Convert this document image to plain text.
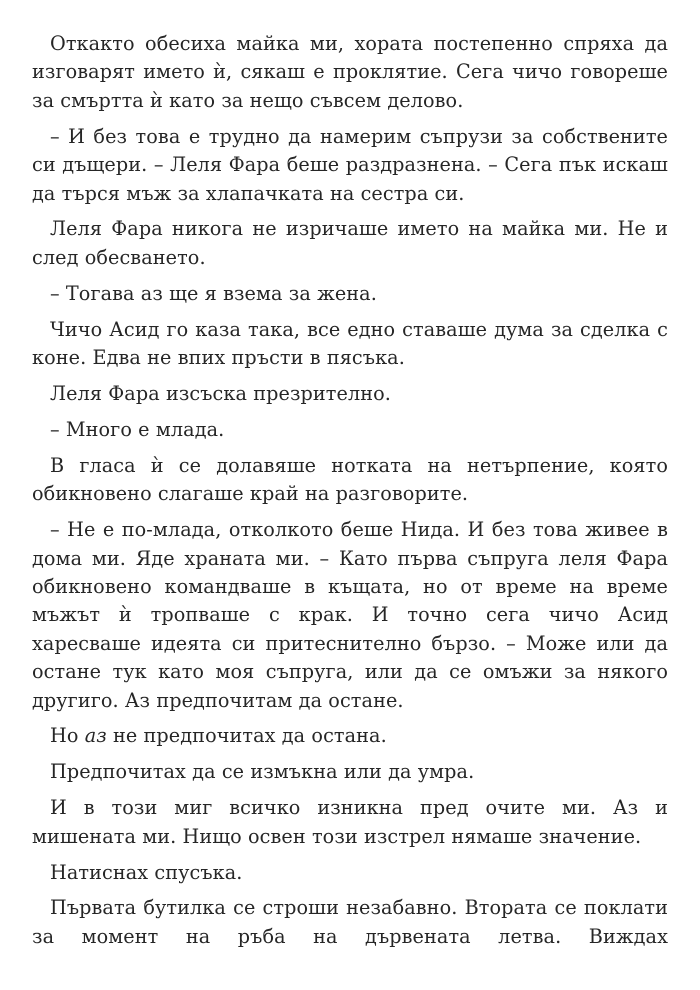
Откакто обесиха майка ми, хората постепенно спряха да изговарят името ѝ, сякаш е проклятие. Сега чичо говореше за смъртта ѝ като за нещо съвсем делово.

– И без това е трудно да намерим съпрузи за собствените си дъщери. – Леля Фара беше раздразнена. – Сега пък искаш да търся мъж за хлапачката на сестра си.

Леля Фара никога не изричаше името на майка ми. Не и след обесването.

– Тогава аз ще я взема за жена.

Чичо Асид го каза така, все едно ставаше дума за сделка с коне. Едва не впих пръсти в пясъка.

Леля Фара изсъска презрително.

– Много е млада.

В гласа ѝ се долавяше нотката на нетърпение, която обикновено слагаше край на разговорите.

– Не е по-млада, отколкото беше Нида. И без това живее в дома ми. Яде храната ми. – Като първа съпруга леля Фара обикновено командваше в къщата, но от време на време мъжът ѝ тропваше с крак. И точно сега чичо Асид харесваше идеята си притеснително бързо. – Може или да остане тук като моя съпруга, или да се омъжи за някого другиго. Аз предпочитам да остане.

Но аз не предпочитах да остана.

Предпочитах да се измъкна или да умра.

И в този миг всичко изникна пред очите ми. Аз и мишената ми. Нищо освен този изстрел нямаше значение.

Натиснах спусъка.

Първата бутилка се строши незабавно. Втората се поклати за момент на ръба на дървената летва. Виждах
